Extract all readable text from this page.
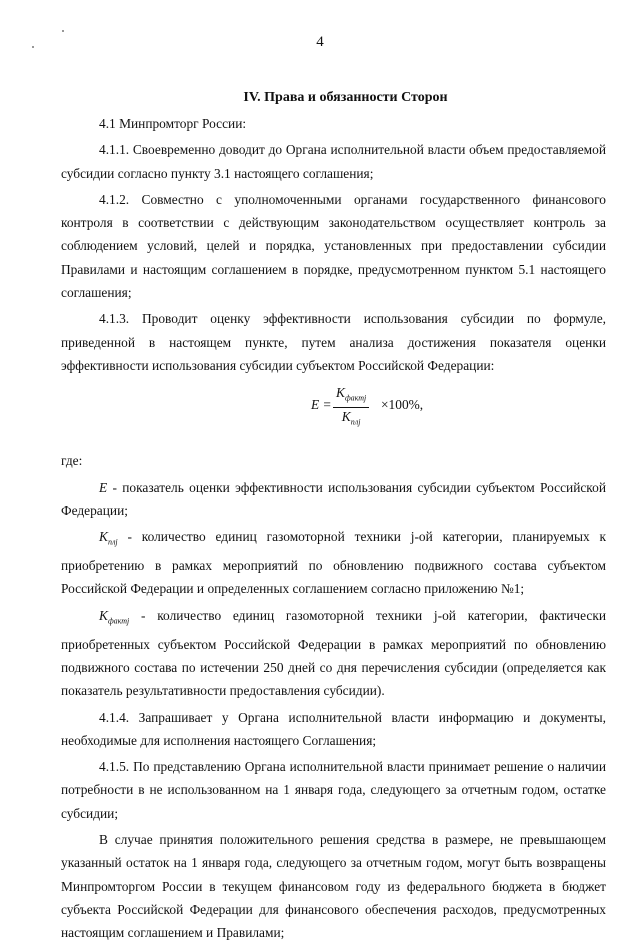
4
IV. Права и обязанности Сторон

4.1 Минпромторг России:

4.1.1. Своевременно доводит до Органа исполнительной власти объем предоставляемой субсидии согласно пункту 3.1 настоящего соглашения;

4.1.2. Совместно с уполномоченными органами государственного финансового контроля в соответствии с действующим законодательством осуществляет контроль за соблюдением условий, целей и порядка, установленных при предоставлении субсидии Правилами и настоящим соглашением в порядке, предусмотренном пунктом 5.1 настоящего соглашения;

4.1.3. Проводит оценку эффективности использования субсидии по формуле, приведенной в настоящем пункте, путем анализа достижения показателя оценки эффективности использования субсидии субъектом Российской Федерации:

E =
$K_{фактj}$
$K_{плj}$
×100%,

где:

E - показатель оценки эффективности использования субсидии субъектом Российской Федерации;

$K_{плj}$ - количество единиц газомоторной техники j-ой категории, планируемых к приобретению в рамках мероприятий по обновлению подвижного состава субъектом Российской Федерации и определенных соглашением согласно приложению №1;

$K_{фактj}$ - количество единиц газомоторной техники j-ой категории, фактически приобретенных субъектом Российской Федерации в рамках мероприятий по обновлению подвижного состава по истечении 250 дней со дня перечисления субсидии (определяется как показатель результативности предоставления субсидии).

4.1.4. Запрашивает у Органа исполнительной власти информацию и документы, необходимые для исполнения настоящего Соглашения;

4.1.5. По представлению Органа исполнительной власти принимает решение о наличии потребности в не использованном на 1 января года, следующего за отчетным годом, остатке субсидии;

В случае принятия положительного решения средства в размере, не превышающем указанный остаток на 1 января года, следующего за отчетным годом, могут быть возвращены Минпромторгом России в текущем финансовом году из федерального бюджета в бюджет субъекта Российской Федерации для финансового обеспечения расходов, предусмотренных настоящим соглашением и Правилами;
